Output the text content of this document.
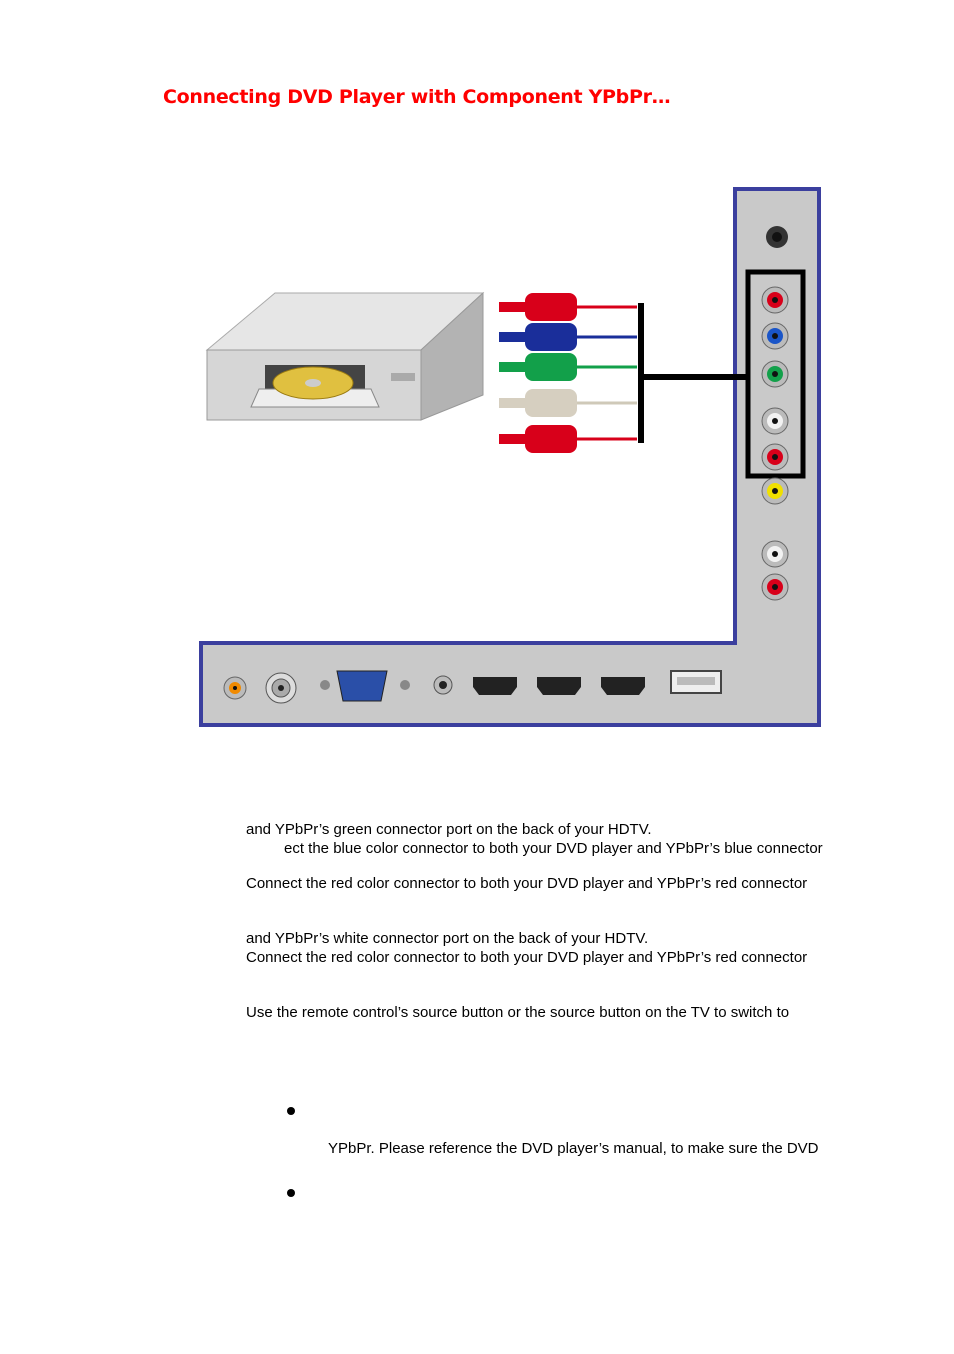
Connecting DVD Player with Component YPbPr…
and YPbPr’s green connector port on the back of your HDTV.
ect the blue color connector to both your DVD player and YPbPr’s blue connector
Connect the red color connector to both your DVD player and YPbPr’s red connector
and YPbPr’s white connector port on the back of your HDTV.
Connect the red color connector to both your DVD player and YPbPr’s red connector
Use the remote control’s source button or the source button on the TV to switch to
YPbPr. Please reference the DVD player’s manual, to make sure the DVD
